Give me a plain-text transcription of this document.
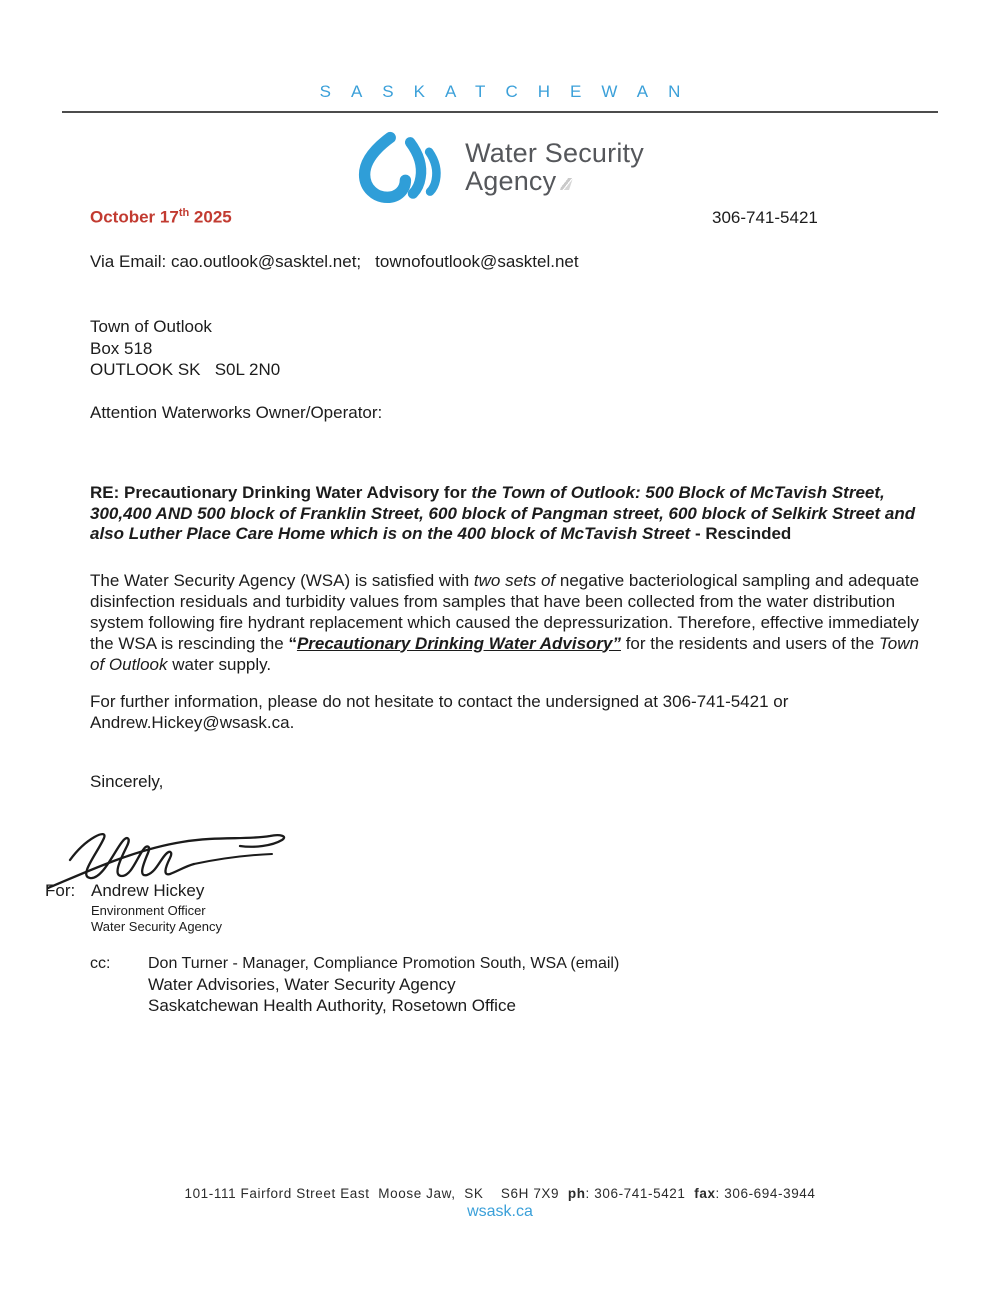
SASKATCHEWAN
Water Security
Agency
October 17th 2025	306-741-5421
Via Email: cao.outlook@sasktel.net; townofoutlook@sasktel.net
Town of Outlook
Box 518
OUTLOOK SK   S0L 2N0
Attention Waterworks Owner/Operator:

RE: Precautionary Drinking Water Advisory for the Town of Outlook: 500 Block of McTavish Street, 300,400 AND 500 block of Franklin Street, 600 block of Pangman street, 600 block of Selkirk Street and also Luther Place Care Home which is on the 400 block of McTavish Street - Rescinded

The Water Security Agency (WSA) is satisfied with two sets of negative bacteriological sampling and adequate disinfection residuals and turbidity values from samples that have been collected from the water distribution system following fire hydrant replacement which caused the depressurization. Therefore, effective immediately the WSA is rescinding the “Precautionary Drinking Water Advisory” for the residents and users of the Town of Outlook water supply.

For further information, please do not hesitate to contact the undersigned at 306-741-5421 or Andrew.Hickey@wsask.ca.

Sincerely,

For: Andrew Hickey
Environment Officer
Water Security Agency
cc: Don Turner - Manager, Compliance Promotion South, WSA (email)
Water Advisories, Water Security Agency
Saskatchewan Health Authority, Rosetown Office
101-111 Fairford Street East  Moose Jaw,  SK    S6H 7X9  ph: 306-741-5421  fax: 306-694-3944
wsask.ca
